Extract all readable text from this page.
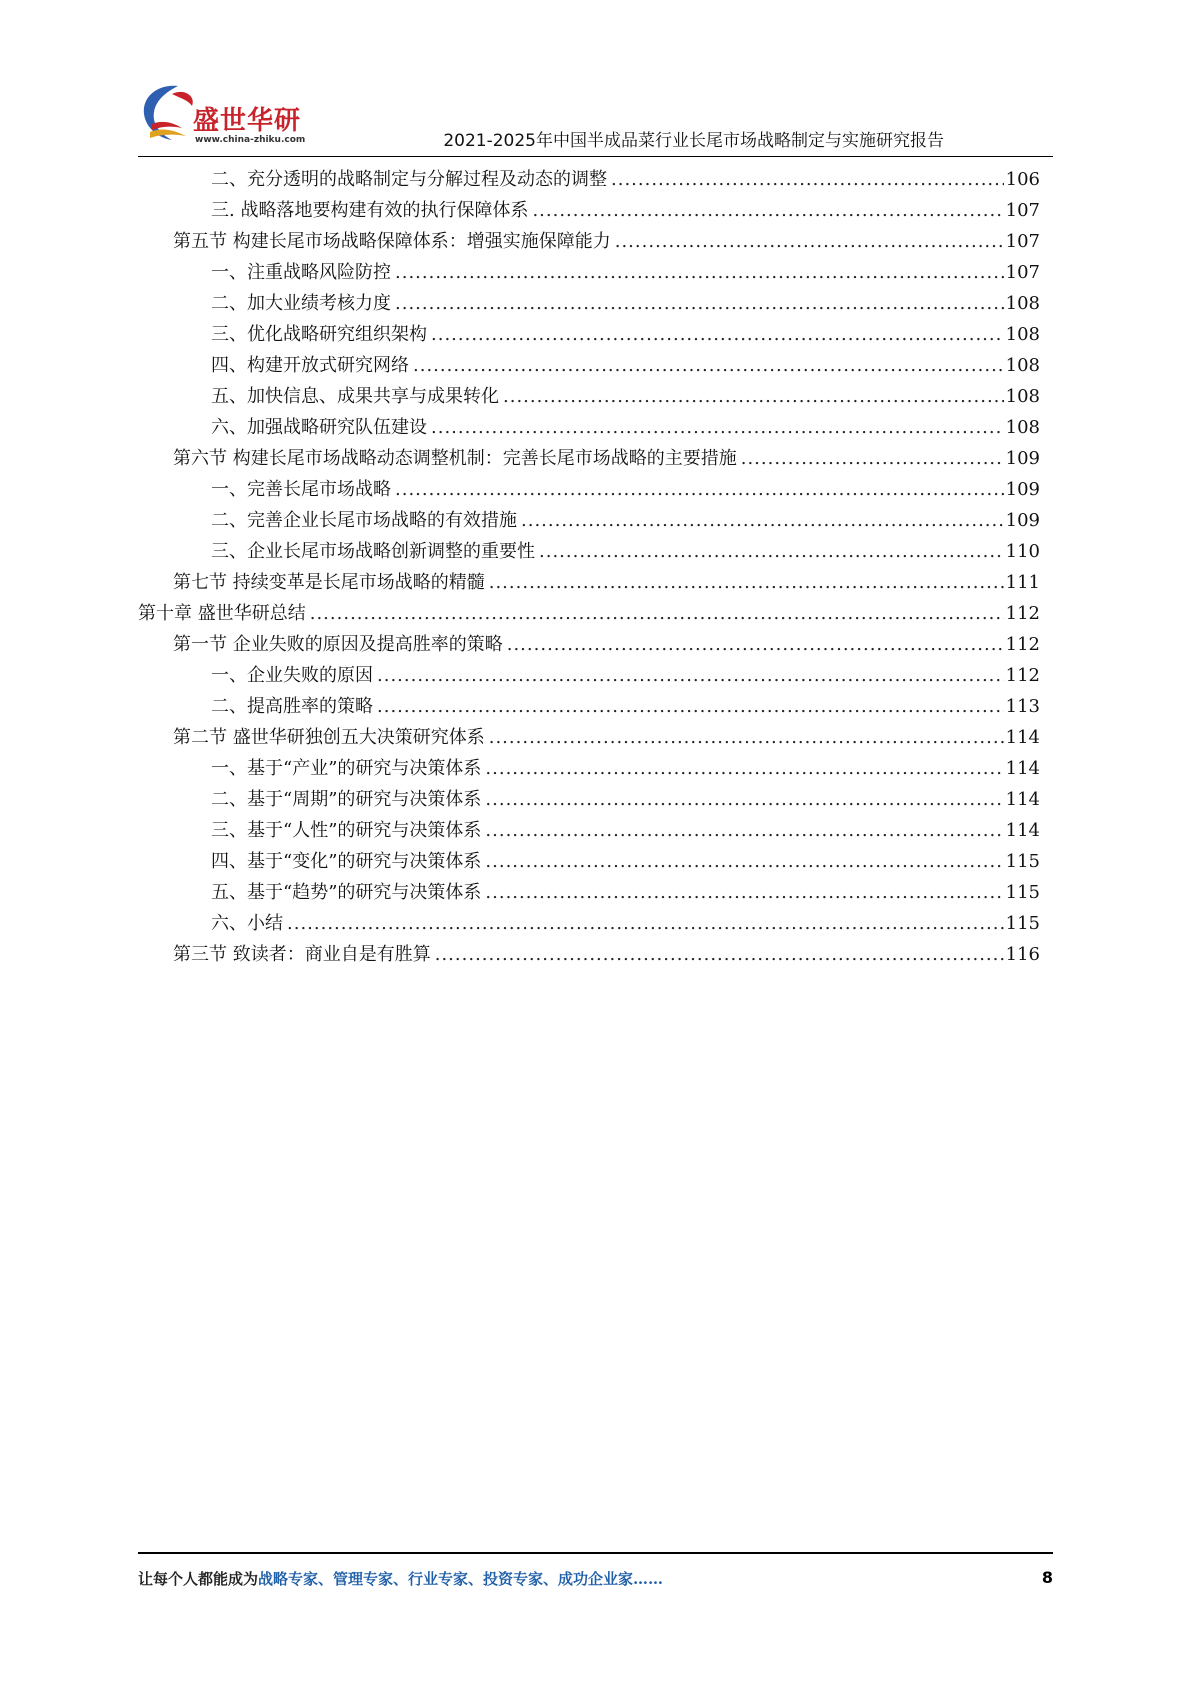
盛世华研
www.china-zhiku.com	2021-2025年中国半成品菜行业长尾市场战略制定与实施研究报告
二、充分透明的战略制定与分解过程及动态的调整 .....	106
三. 战略落地要构建有效的执行保障体系 .....	107
第五节 构建长尾市场战略保障体系：增强实施保障能力 .....	107
一、注重战略风险防控 .....	107
二、加大业绩考核力度 .....	108
三、优化战略研究组织架构 .....	108
四、构建开放式研究网络 .....	108
五、加快信息、成果共享与成果转化 .....	108
六、加强战略研究队伍建设 .....	108
第六节 构建长尾市场战略动态调整机制：完善长尾市场战略的主要措施 .....	109
一、完善长尾市场战略 .....	109
二、完善企业长尾市场战略的有效措施 .....	109
三、企业长尾市场战略创新调整的重要性 .....	110
第七节 持续变革是长尾市场战略的精髓 .....	111
第十章 盛世华研总结 .....	112
第一节 企业失败的原因及提高胜率的策略 .....	112
一、企业失败的原因 .....	112
二、提高胜率的策略 .....	113
第二节 盛世华研独创五大决策研究体系 .....	114
一、基于“产业”的研究与决策体系 .....	114
二、基于“周期”的研究与决策体系 .....	114
三、基于“人性”的研究与决策体系 .....	114
四、基于“变化”的研究与决策体系 .....	115
五、基于“趋势”的研究与决策体系 .....	115
六、小结 .....	115
第三节 致读者：商业自是有胜算 .....	116
让每个人都能成为战略专家、管理专家、行业专家、投资专家、成功企业家……	8
